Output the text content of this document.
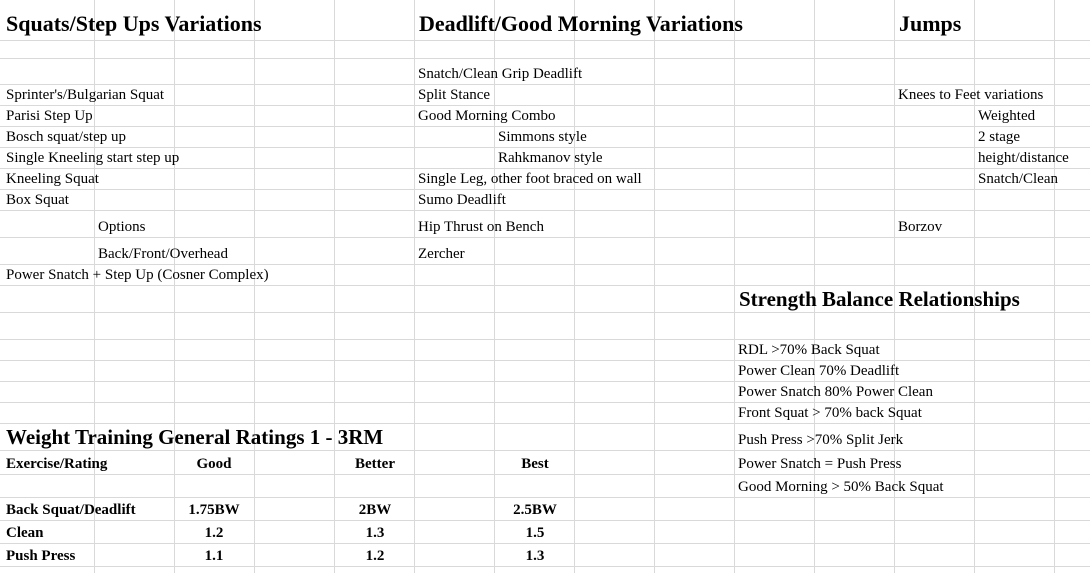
Squats/Step Ups Variations
Sprinter's/Bulgarian Squat
Parisi Step Up
Bosch squat/step up
Single Kneeling start step up
Kneeling Squat
Box Squat
Options
Back/Front/Overhead
Power Snatch + Step Up (Cosner Complex)
Deadlift/Good Morning Variations
Snatch/Clean Grip Deadlift
Split Stance
Good Morning Combo
Simmons style
Rahkmanov style
Single Leg, other foot braced on wall
Sumo Deadlift
Hip Thrust on Bench
Zercher
Jumps
Knees to Feet variations
Weighted
2 stage
height/distance
Snatch/Clean
Borzov
Strength Balance Relationships
RDL >70% Back Squat
Power Clean 70% Deadlift
Power Snatch 80% Power Clean
Front Squat > 70% back Squat
Push Press >70% Split Jerk
Power Snatch = Push Press
Good Morning > 50% Back Squat
Weight Training General Ratings 1 - 3RM
Exercise/Rating	Good	Better	Best
Back Squat/Deadlift	1.75BW	2BW	2.5BW
Clean	1.2	1.3	1.5
Push Press	1.1	1.2	1.3
